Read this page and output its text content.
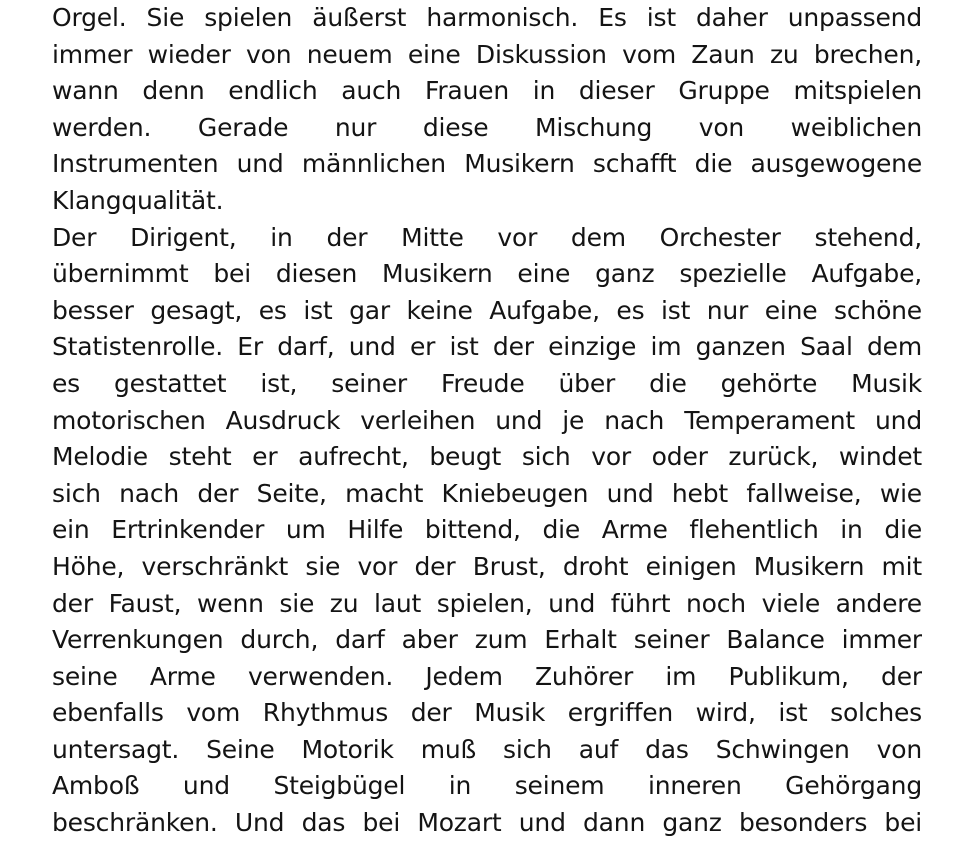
Orgel. Sie spielen äußerst harmonisch. Es ist daher unpassend
immer wieder von neuem eine Diskussion vom Zaun zu brechen,
wann denn endlich auch Frauen in dieser Gruppe mitspielen
werden. Gerade nur diese Mischung von weiblichen
Instrumenten und männlichen Musikern schafft die ausgewogene
Klangqualität.
Der Dirigent, in der Mitte vor dem Orchester stehend,
übernimmt bei diesen Musikern eine ganz spezielle Aufgabe,
besser gesagt, es ist gar keine Aufgabe, es ist nur eine schöne
Statistenrolle. Er darf, und er ist der einzige im ganzen Saal dem
es gestattet ist, seiner Freude über die gehörte Musik
motorischen Ausdruck verleihen und je nach Temperament und
Melodie steht er aufrecht, beugt sich vor oder zurück, windet
sich nach der Seite, macht Kniebeugen und hebt fallweise, wie
ein Ertrinkender um Hilfe bittend, die Arme flehentlich in die
Höhe, verschränkt sie vor der Brust, droht einigen Musikern mit
der Faust, wenn sie zu laut spielen, und führt noch viele andere
Verrenkungen durch, darf aber zum Erhalt seiner Balance immer
seine Arme verwenden. Jedem Zuhörer im Publikum, der
ebenfalls vom Rhythmus der Musik ergriffen wird, ist solches
untersagt. Seine Motorik muß sich auf das Schwingen von
Amboß und Steigbügel in seinem inneren Gehörgang
beschränken. Und das bei Mozart und dann ganz besonders bei
